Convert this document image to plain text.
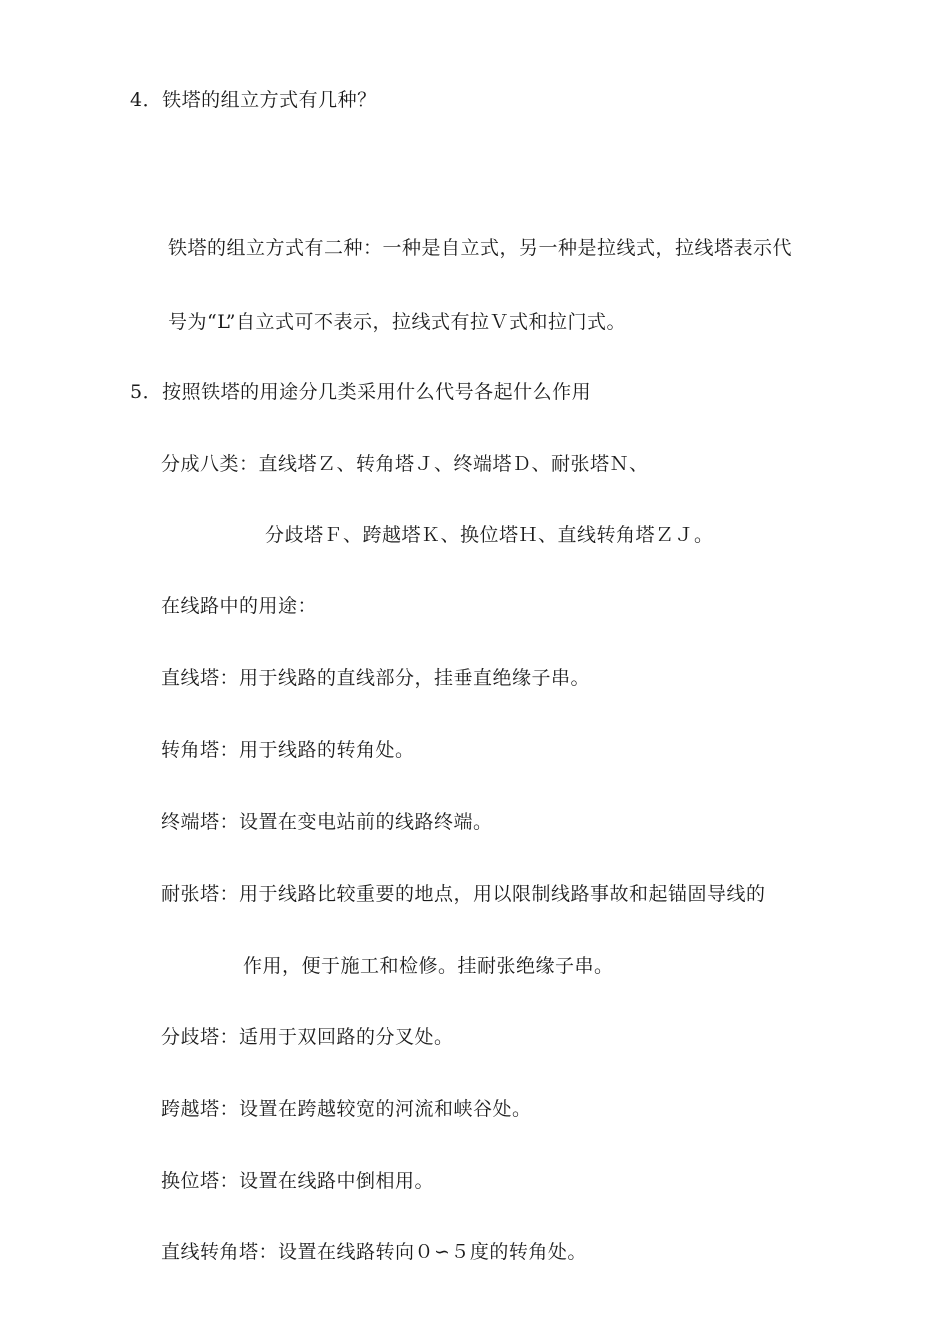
4．铁塔的组立方式有几种？
铁塔的组立方式有二种：一种是自立式，另一种是拉线式，拉线塔表示代
号为“L”自立式可不表示，拉线式有拉Ｖ式和拉门式。
5．按照铁塔的用途分几类采用什么代号各起什么作用
分成八类：直线塔Ｚ、转角塔Ｊ、终端塔Ｄ、耐张塔Ｎ、
分歧塔Ｆ、跨越塔Ｋ、换位塔Ｈ、直线转角塔ＺＪ。
在线路中的用途：
直线塔：用于线路的直线部分，挂垂直绝缘子串。
转角塔：用于线路的转角处。
终端塔：设置在变电站前的线路终端。
耐张塔：用于线路比较重要的地点，用以限制线路事故和起锚固导线的
作用，便于施工和检修。挂耐张绝缘子串。
分歧塔：适用于双回路的分叉处。
跨越塔：设置在跨越较宽的河流和峡谷处。
换位塔：设置在线路中倒相用。
直线转角塔：设置在线路转向０∽５度的转角处。
